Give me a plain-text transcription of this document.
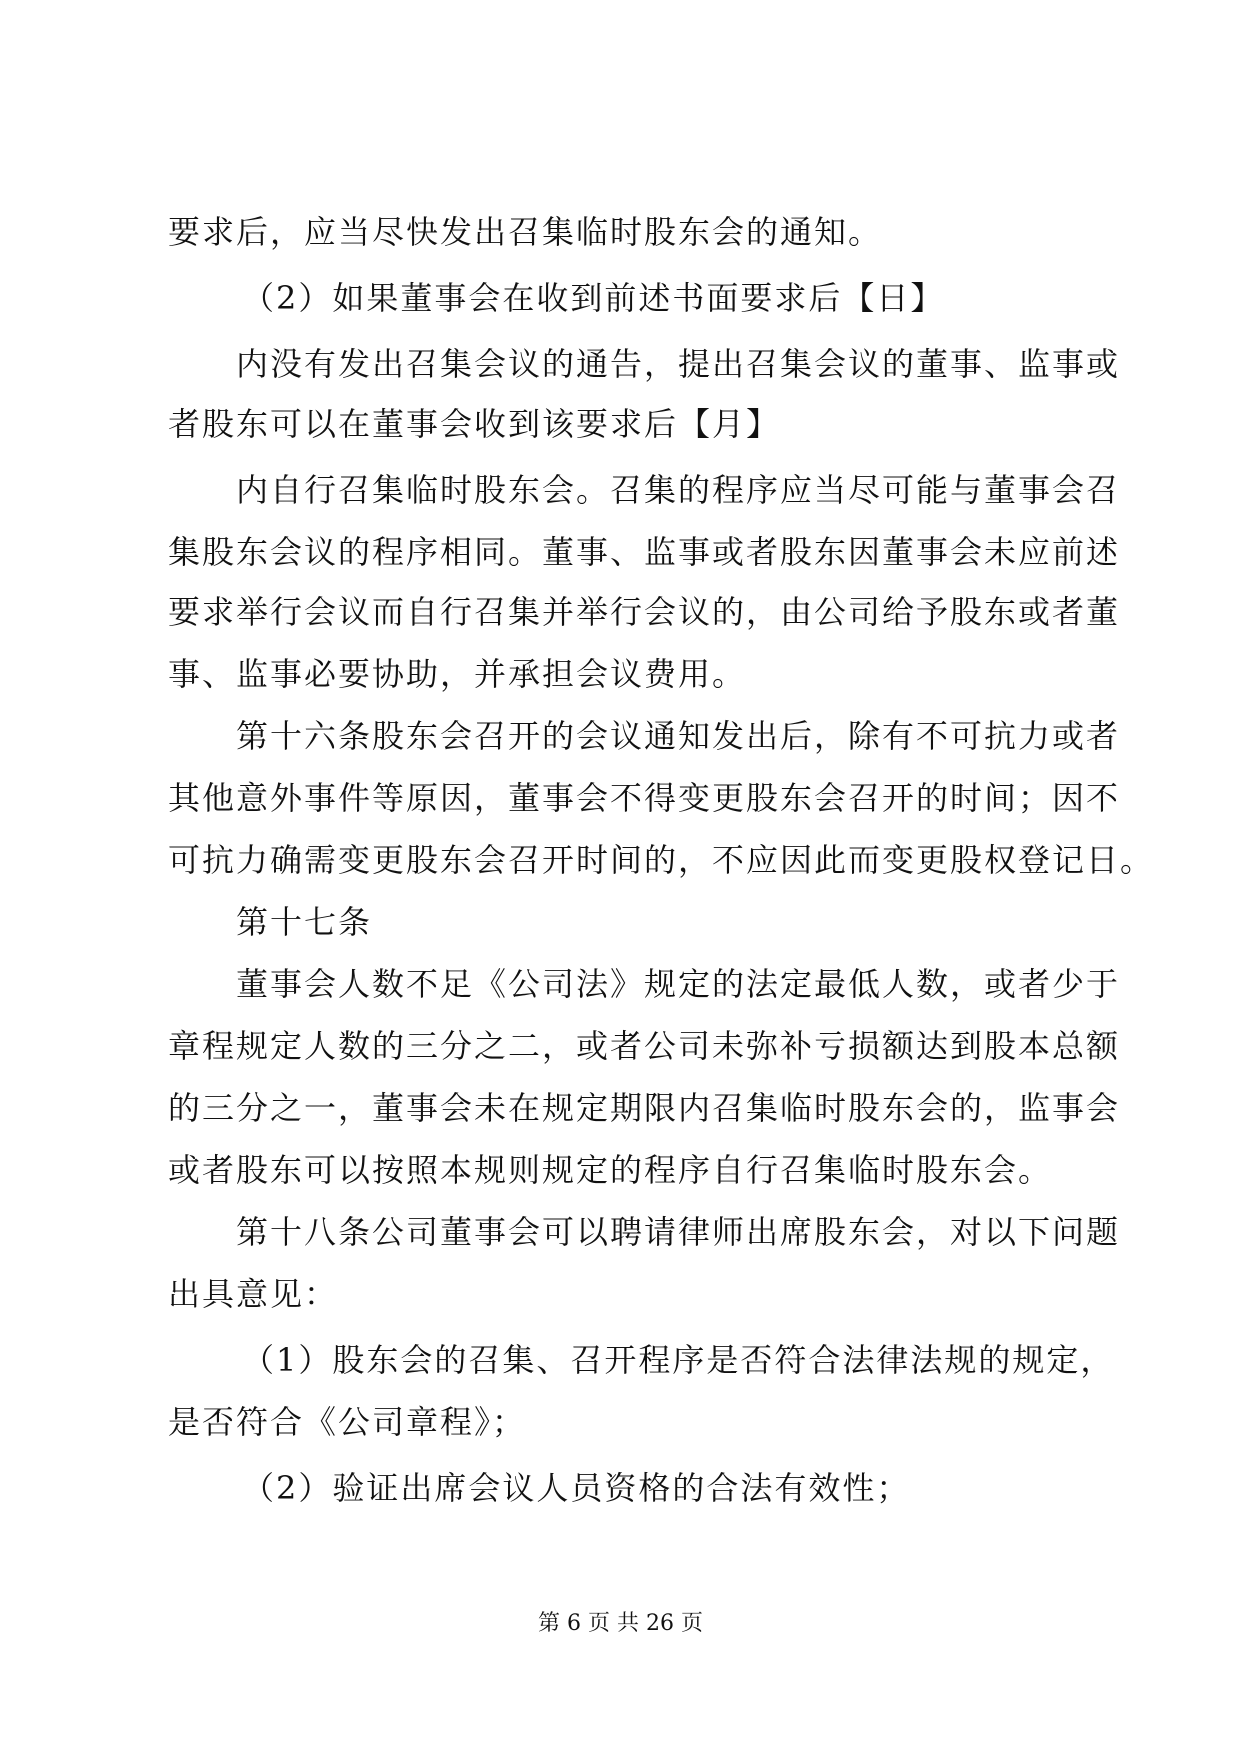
要求后，应当尽快发出召集临时股东会的通知。
（2）如果董事会在收到前述书面要求后【日】
内没有发出召集会议的通告，提出召集会议的董事、监事或
者股东可以在董事会收到该要求后【月】
内自行召集临时股东会。召集的程序应当尽可能与董事会召
集股东会议的程序相同。董事、监事或者股东因董事会未应前述
要求举行会议而自行召集并举行会议的，由公司给予股东或者董
事、监事必要协助，并承担会议费用。
第十六条股东会召开的会议通知发出后，除有不可抗力或者
其他意外事件等原因，董事会不得变更股东会召开的时间；因不
可抗力确需变更股东会召开时间的，不应因此而变更股权登记日。
第十七条
董事会人数不足《公司法》规定的法定最低人数，或者少于
章程规定人数的三分之二，或者公司未弥补亏损额达到股本总额
的三分之一，董事会未在规定期限内召集临时股东会的，监事会
或者股东可以按照本规则规定的程序自行召集临时股东会。
第十八条公司董事会可以聘请律师出席股东会，对以下问题
出具意见：
（1）股东会的召集、召开程序是否符合法律法规的规定，
是否符合《公司章程》；
（2）验证出席会议人员资格的合法有效性；
第 6 页 共 26 页
